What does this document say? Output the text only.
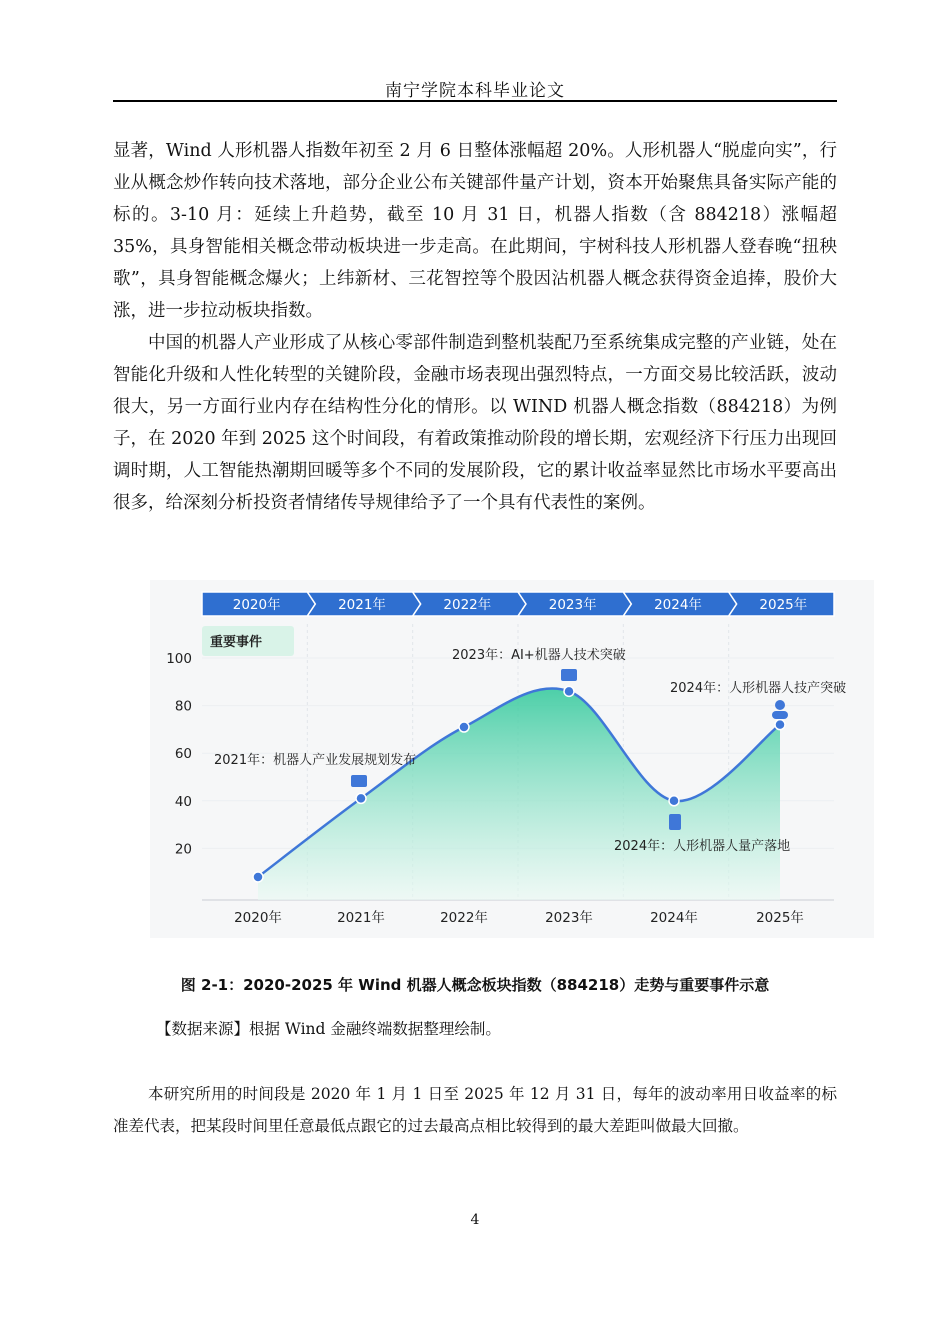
南宁学院本科毕业论文

显著，Wind 人形机器人指数年初至 2 月 6 日整体涨幅超 20%。人形机器人“脱虚向实”，行业从概念炒作转向技术落地，部分企业公布关键部件量产计划，资本开始聚焦具备实际产能的标的。3-10 月：延续上升趋势，截至 10 月 31 日，机器人指数（含 884218）涨幅超 35%，具身智能相关概念带动板块进一步走高。在此期间，宇树科技人形机器人登春晚“扭秧歌”，具身智能概念爆火；上纬新材、三花智控等个股因沾机器人概念获得资金追捧，股价大涨，进一步拉动板块指数。

中国的机器人产业形成了从核心零部件制造到整机装配乃至系统集成完整的产业链，处在智能化升级和人性化转型的关键阶段，金融市场表现出强烈特点，一方面交易比较活跃，波动很大，另一方面行业内存在结构性分化的情形。以 WIND 机器人概念指数（884218）为例子，在 2020 年到 2025 这个时间段，有着政策推动阶段的增长期，宏观经济下行压力出现回调时期，人工智能热潮期回暖等多个不同的发展阶段，它的累计收益率显然比市场水平要高出很多，给深刻分析投资者情绪传导规律给予了一个具有代表性的案例。

2020年	2021年	2022年	2023年	2024年	2025年
重要事件
2021年：机器人产业发展规划发布
2023年：AI+机器人技术突破
2024年：人形机器人技产突破
2024年：人形机器人量产落地
20
40
60
80
100
2020年	2021年	2022年	2023年	2024年	2025年
图 2-1：2020-2025 年 Wind 机器人概念板块指数（884218）走势与重要事件示意
【数据来源】根据 Wind 金融终端数据整理绘制。

本研究所用的时间段是 2020 年 1 月 1 日至 2025 年 12 月 31 日，每年的波动率用日收益率的标准差代表，把某段时间里任意最低点跟它的过去最高点相比较得到的最大差距叫做最大回撤。

4
